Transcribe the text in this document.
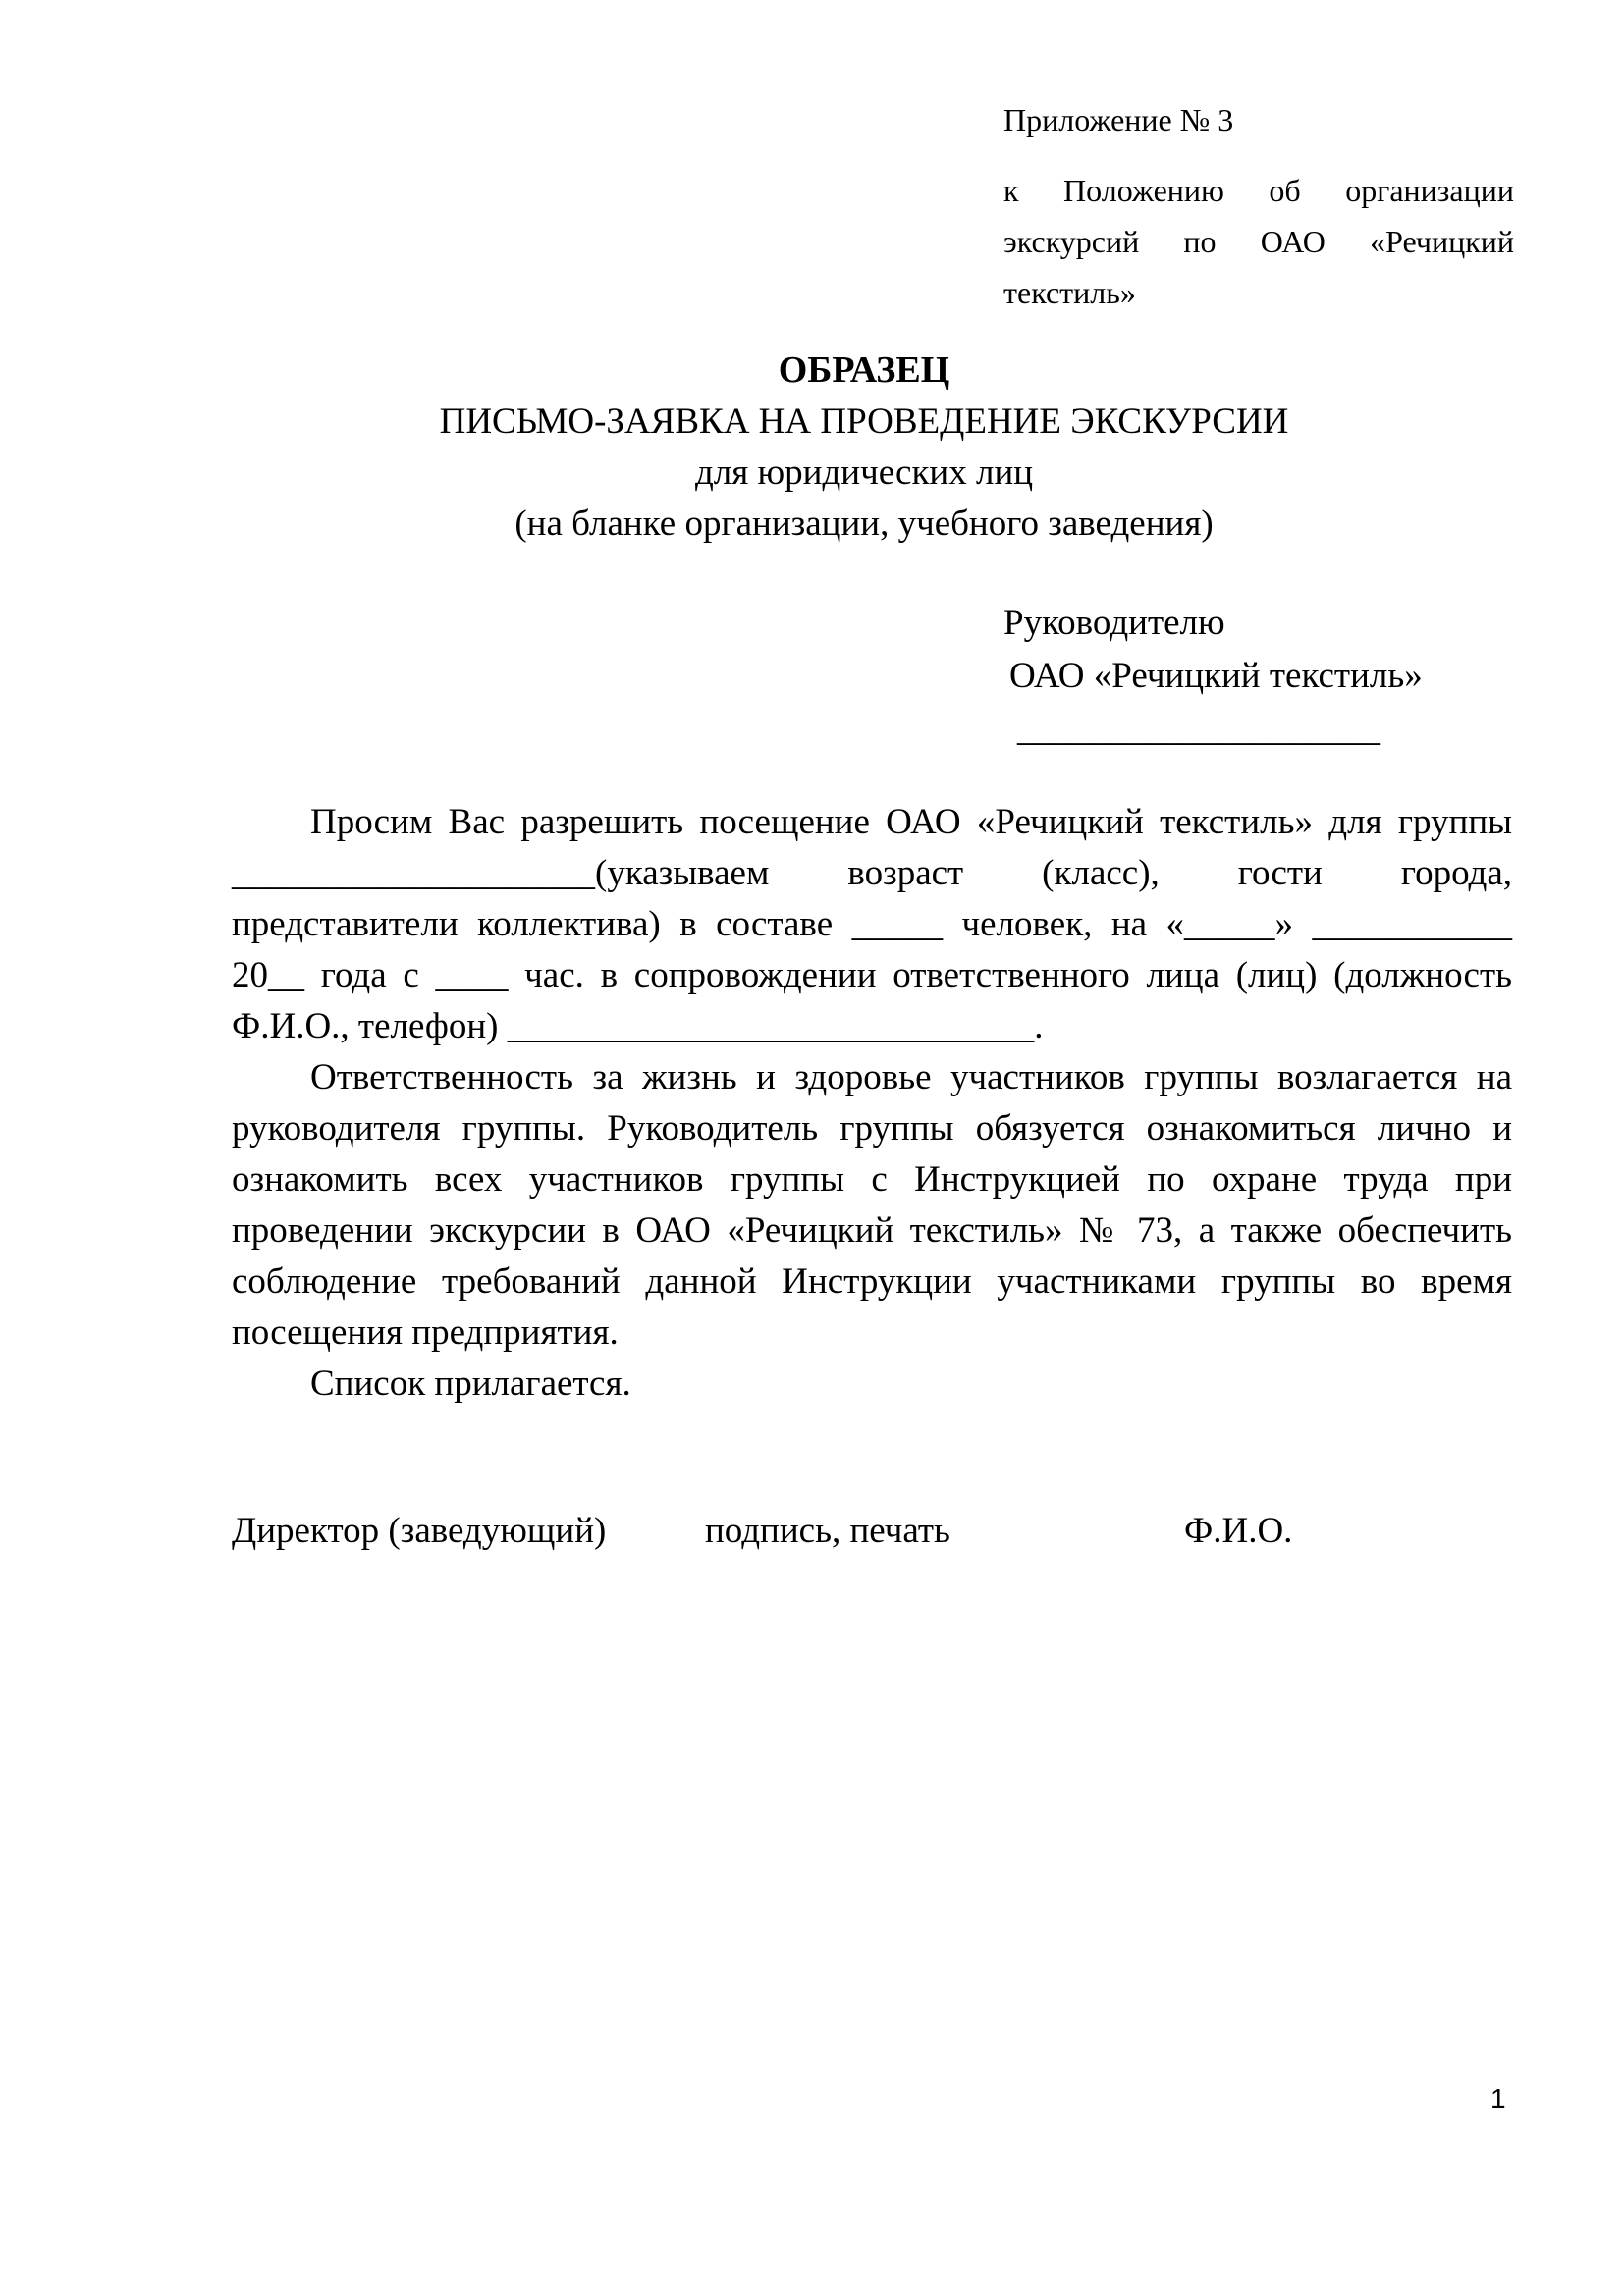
Приложение № 3
к Положению об организации
экскурсий по ОАО «Речицкий
текстиль»
ОБРАЗЕЦ
ПИСЬМО-ЗАЯВКА НА ПРОВЕДЕНИЕ ЭКСКУРСИИ
для юридических лиц
(на бланке организации, учебного заведения)
Руководителю
ОАО «Речицкий текстиль»
____________________

Просим Вас разрешить посещение ОАО «Речицкий текстиль» для группы
____________________(указываем возраст (класс), гости города,
представители коллектива) в составе _____ человек, на «_____» ___________
20__ года с ____ час. в сопровождении ответственного лица (лиц) (должность
Ф.И.О., телефон) _____________________________.

Ответственность за жизнь и здоровье участников группы возлагается на
руководителя группы. Руководитель группы обязуется ознакомиться лично и
ознакомить всех участников группы с Инструкцией по охране труда при
проведении экскурсии в ОАО «Речицкий текстиль» № 73, а также обеспечить
соблюдение требований данной Инструкции участниками группы во время
посещения предприятия.

Список прилагается.

Директор (заведующий)	подпись, печать	Ф.И.О.
1
